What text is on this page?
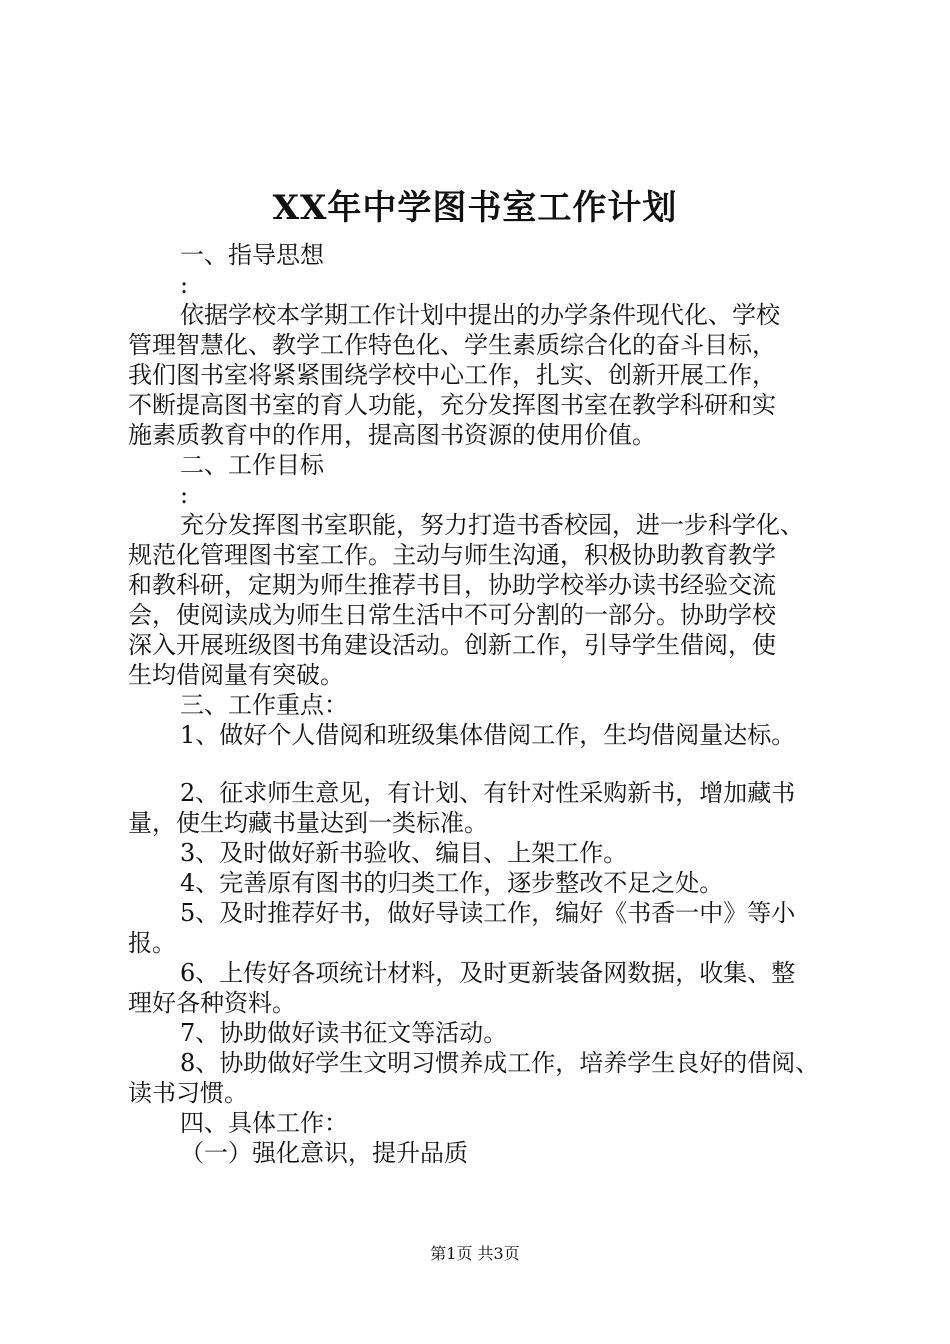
XX年中学图书室工作计划
一、指导思想
:
依据学校本学期工作计划中提出的办学条件现代化、学校
管理智慧化、教学工作特色化、学生素质综合化的奋斗目标，
我们图书室将紧紧围绕学校中心工作，扎实、创新开展工作，
不断提高图书室的育人功能，充分发挥图书室在教学科研和实
施素质教育中的作用，提高图书资源的使用价值。
二、工作目标
:
充分发挥图书室职能，努力打造书香校园，进一步科学化、
规范化管理图书室工作。主动与师生沟通，积极协助教育教学
和教科研，定期为师生推荐书目，协助学校举办读书经验交流
会，使阅读成为师生日常生活中不可分割的一部分。协助学校
深入开展班级图书角建设活动。创新工作，引导学生借阅，使
生均借阅量有突破。
三、工作重点：
1、做好个人借阅和班级集体借阅工作，生均借阅量达标。
2、征求师生意见，有计划、有针对性采购新书，增加藏书
量，使生均藏书量达到一类标准。
3、及时做好新书验收、编目、上架工作。
4、完善原有图书的归类工作，逐步整改不足之处。
5、及时推荐好书，做好导读工作，编好《书香一中》等小
报。
6、上传好各项统计材料，及时更新装备网数据，收集、整
理好各种资料。
7、协助做好读书征文等活动。
8、协助做好学生文明习惯养成工作，培养学生良好的借阅、
读书习惯。
四、具体工作：
（一）强化意识，提升品质
第1页 共3页
